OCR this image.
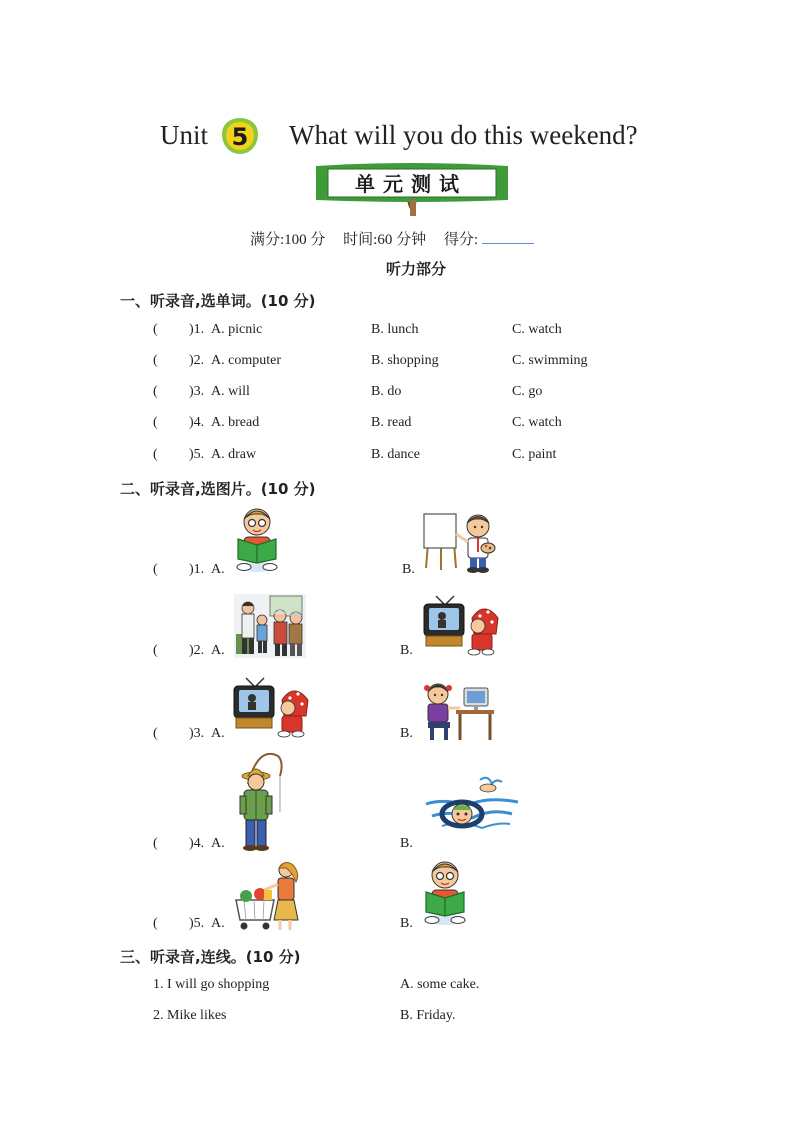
Unit 5 What will you do this weekend?
单元测试
满分:100 分 时间:60 分钟 得分:
听力部分
一、听录音,选单词。(10 分)
( )1. A. picnic	B. lunch	C. watch
( )2. A. computer	B. shopping	C. swimming
( )3. A. will	B. do	C. go
( )4. A. bread	B. read	C. watch
( )5. A. draw	B. dance	C. paint
二、听录音,选图片。(10 分)
( )1. A.	B.
( )2. A.	B.
( )3. A.	B.
( )4. A.	B.
( )5. A.	B.
三、听录音,连线。(10 分)
1. I will go shopping	A. some cake.
2. Mike likes	B. Friday.
